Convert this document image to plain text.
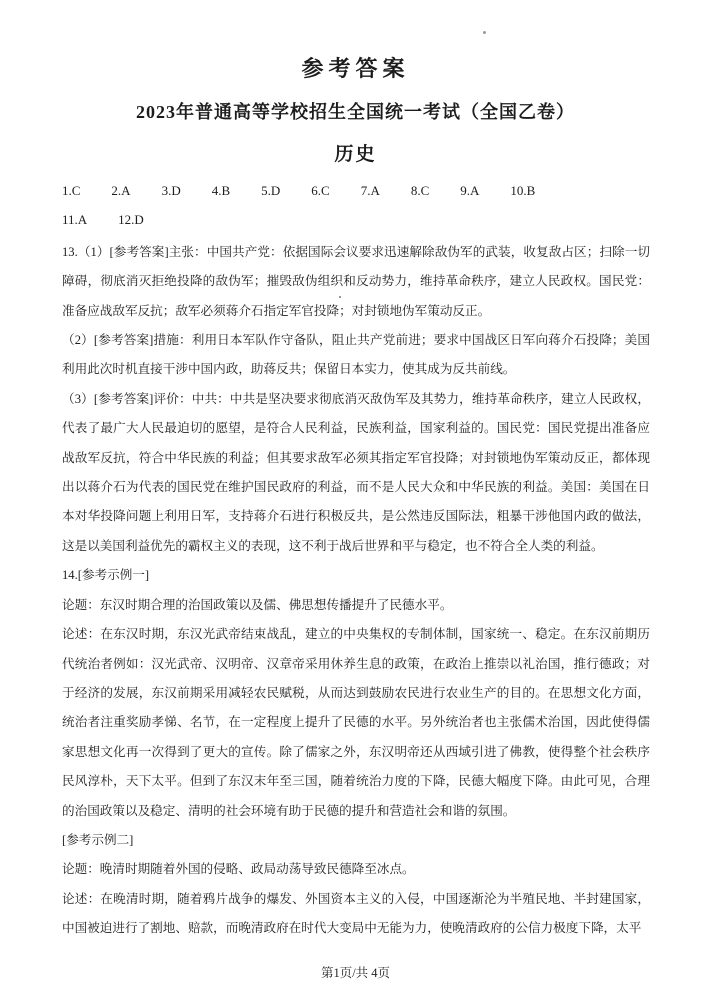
参考答案
2023年普通高等学校招生全国统一考试（全国乙卷）
历史
1.C 2.A 3.D 4.B 5.D 6.C 7.A 8.C 9.A 10.B
11.A 12.D

13.（1）[参考答案]主张：中国共产党：依据国际会议要求迅速解除敌伪军的武装，收复敌占区；扫除一切障碍，彻底消灭拒绝投降的敌伪军；摧毁敌伪组织和反动势力，维持革命秩序，建立人民政权。国民党：准备应战敌军反抗；敌军必须蒋介石指定军官投降；对封锁地伪军策动反正。

（2）[参考答案]措施：利用日本军队作守备队，阻止共产党前进；要求中国战区日军向蒋介石投降；美国利用此次时机直接干涉中国内政，助蒋反共；保留日本实力，使其成为反共前线。

（3）[参考答案]评价：中共：中共是坚决要求彻底消灭敌伪军及其势力，维持革命秩序，建立人民政权，代表了最广大人民最迫切的愿望，是符合人民利益，民族利益，国家利益的。国民党：国民党提出准备应战敌军反抗，符合中华民族的利益；但其要求敌军必须其指定军官投降；对封锁地伪军策动反正，都体现出以蒋介石为代表的国民党在维护国民政府的利益，而不是人民大众和中华民族的利益。美国：美国在日本对华投降问题上利用日军，支持蒋介石进行积极反共，是公然违反国际法，粗暴干涉他国内政的做法，这是以美国利益优先的霸权主义的表现，这不利于战后世界和平与稳定，也不符合全人类的利益。

14.[参考示例一]

论题：东汉时期合理的治国政策以及儒、佛思想传播提升了民德水平。

论述：在东汉时期，东汉光武帝结束战乱，建立的中央集权的专制体制，国家统一、稳定。在东汉前期历代统治者例如：汉光武帝、汉明帝、汉章帝采用休养生息的政策，在政治上推崇以礼治国，推行德政；对于经济的发展，东汉前期采用减轻农民赋税，从而达到鼓励农民进行农业生产的目的。在思想文化方面，统治者注重奖励孝悌、名节，在一定程度上提升了民德的水平。另外统治者也主张儒术治国，因此使得儒家思想文化再一次得到了更大的宣传。除了儒家之外，东汉明帝还从西域引进了佛教，使得整个社会秩序民风淳朴，天下太平。但到了东汉末年至三国，随着统治力度的下降，民德大幅度下降。由此可见，合理的治国政策以及稳定、清明的社会环境有助于民德的提升和营造社会和谐的氛围。

[参考示例二]

论题：晚清时期随着外国的侵略、政局动荡导致民德降至冰点。

论述：在晚清时期，随着鸦片战争的爆发、外国资本主义的入侵，中国逐渐沦为半殖民地、半封建国家，中国被迫进行了割地、赔款，而晚清政府在时代大变局中无能为力，使晚清政府的公信力极度下降，太平

第1页/共 4页
